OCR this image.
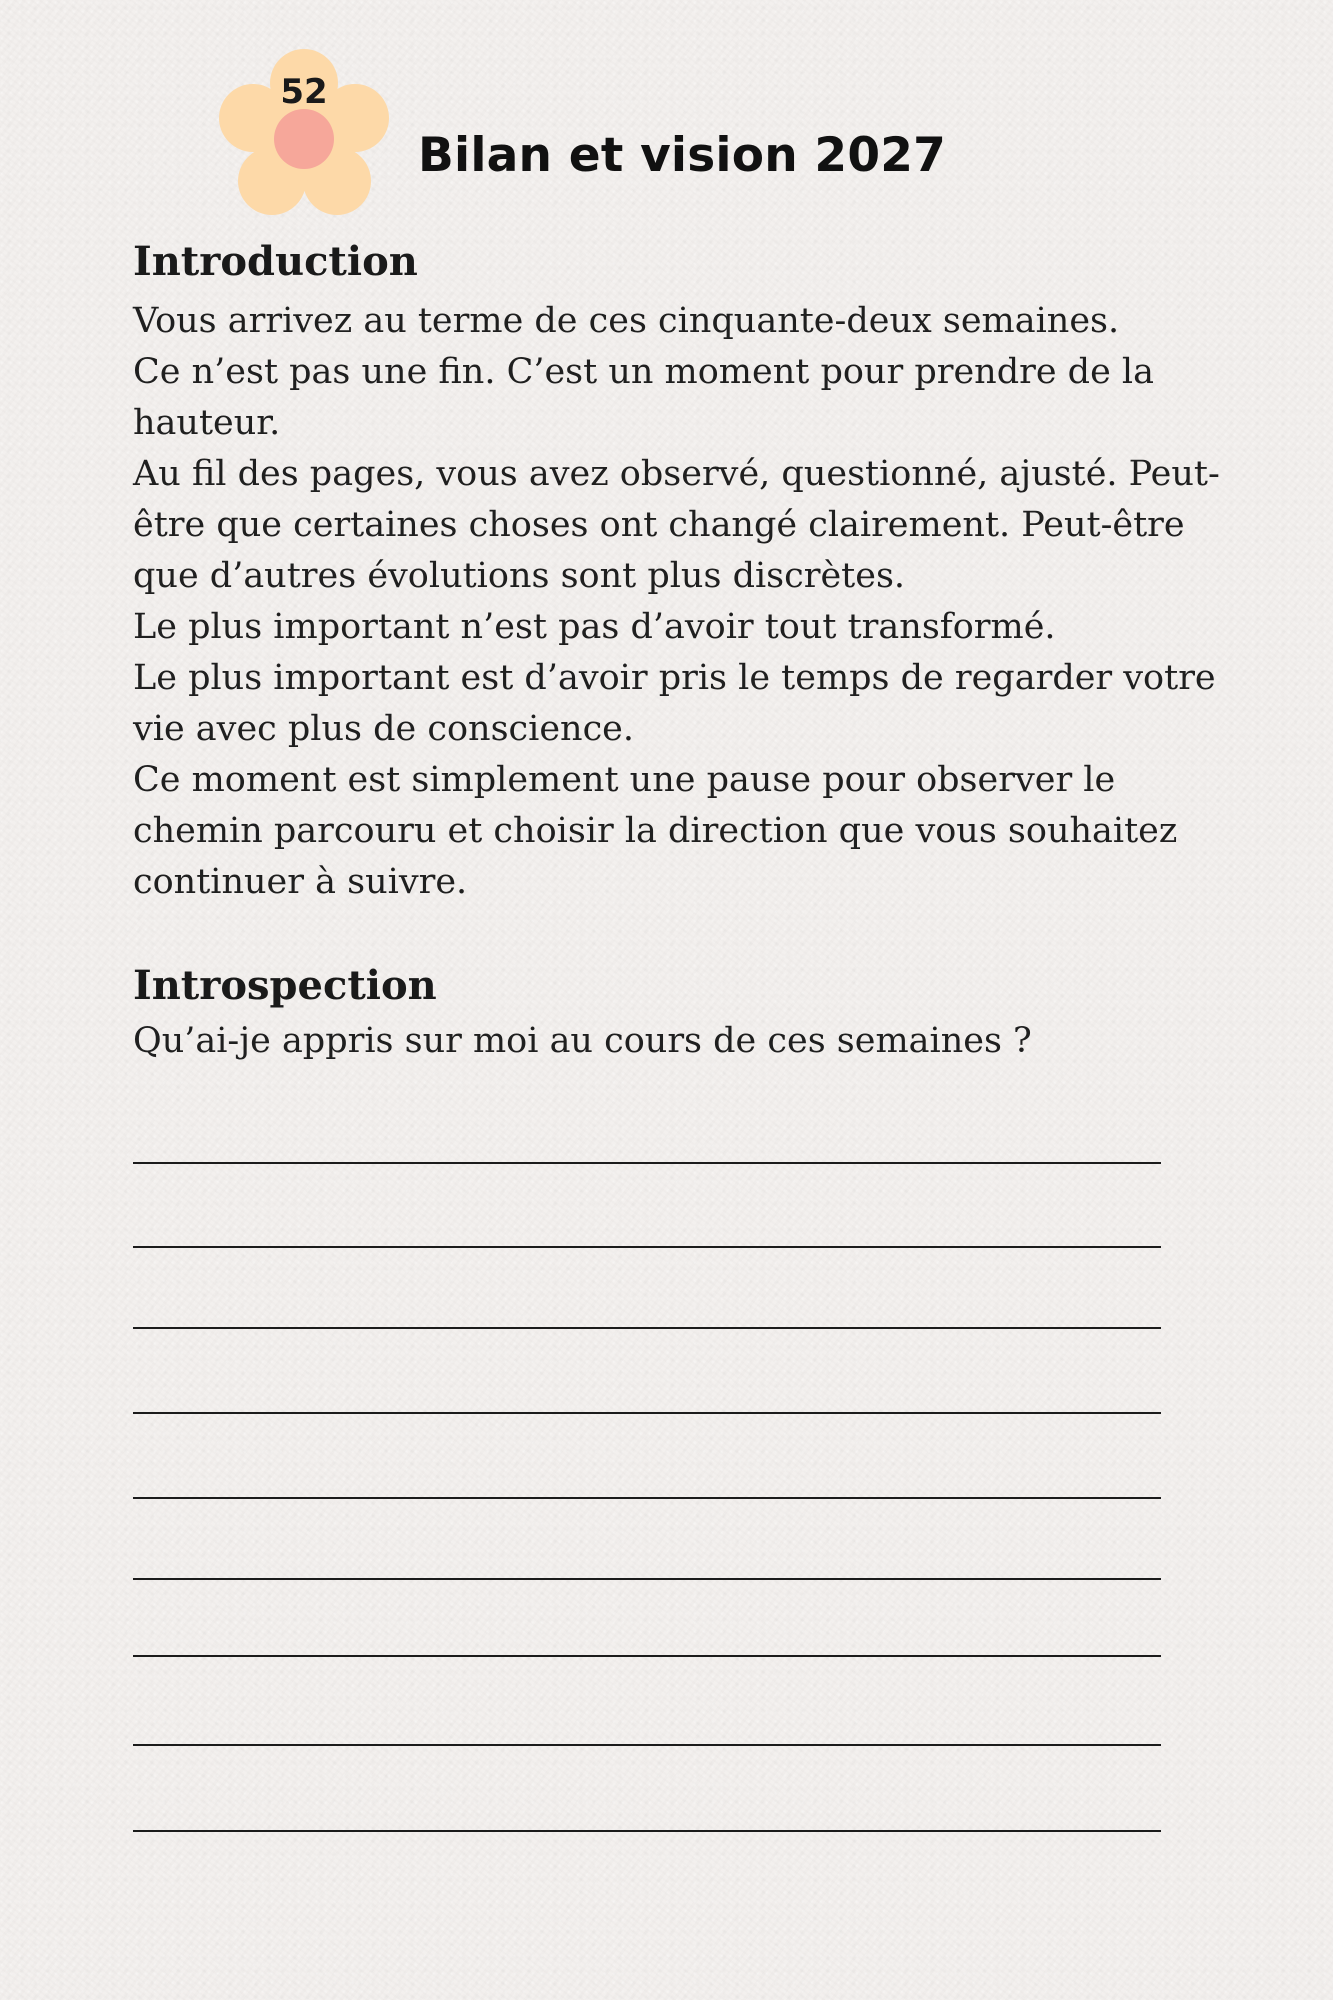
52
Bilan et vision 2027
Introduction

Vous arrivez au terme de ces cinquante-deux semaines.

Ce n’est pas une fin. C’est un moment pour prendre de la

hauteur.

Au fil des pages, vous avez observé, questionné, ajusté. Peut-

être que certaines choses ont changé clairement. Peut-être

que d’autres évolutions sont plus discrètes.

Le plus important n’est pas d’avoir tout transformé.

Le plus important est d’avoir pris le temps de regarder votre

vie avec plus de conscience.

Ce moment est simplement une pause pour observer le

chemin parcouru et choisir la direction que vous souhaitez

continuer à suivre.

Introspection
Qu’ai-je appris sur moi au cours de ces semaines ?
